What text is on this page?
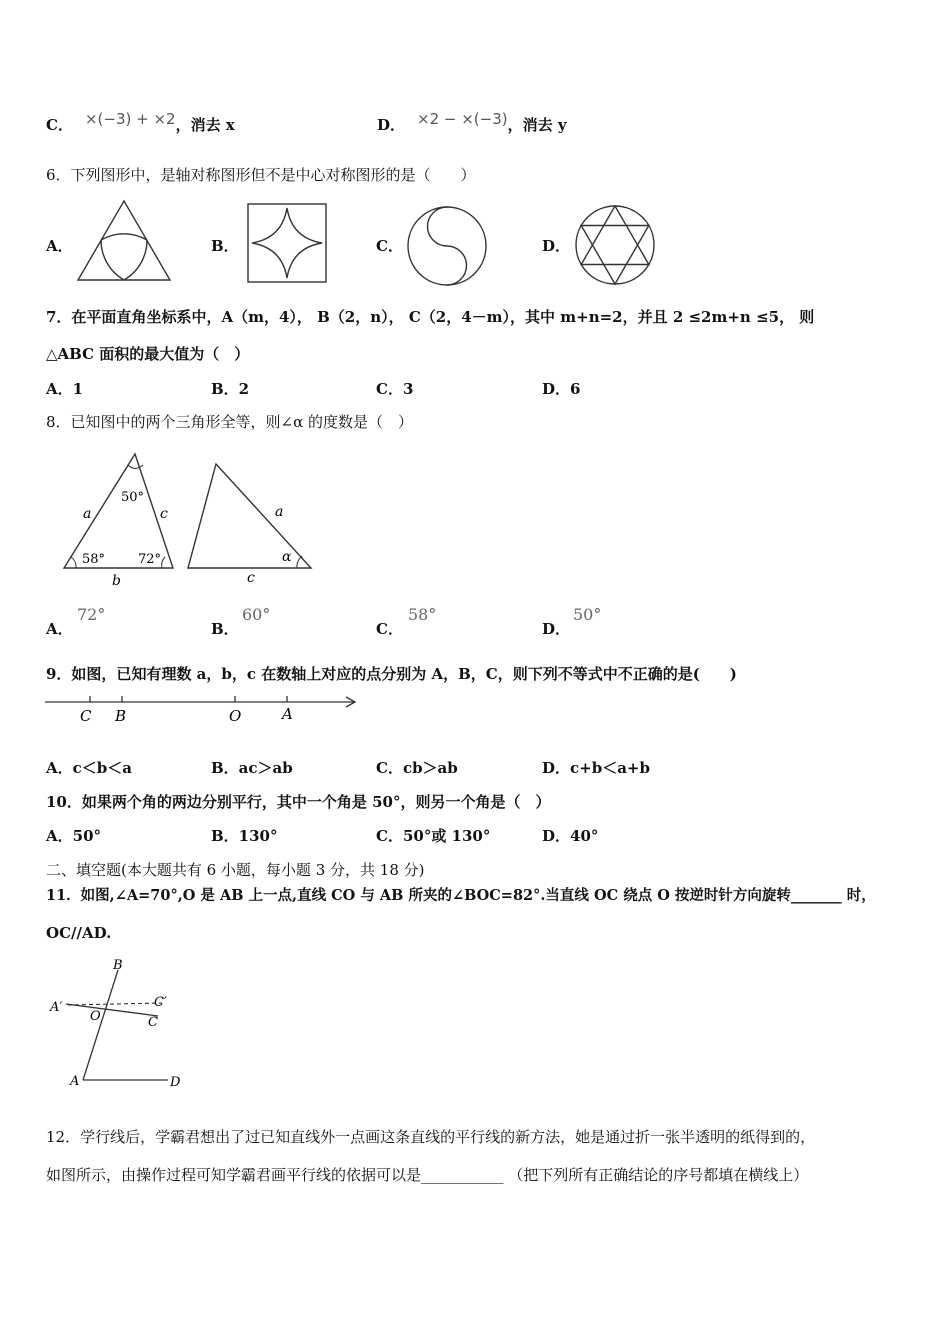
C． ×(−3) + ×2，消去 x	D． ×2 − ×(−3)，消去 y
6．下列图形中，是轴对称图形但不是中心对称图形的是（　　）
A．	B．	C．	D．
7．在平面直角坐标系中，A（m，4）， B（2，n）， C（2，4－m），其中 m+n=2，并且 2 ≤2m+n ≤5， 则
△ABC 面积的最大值为（　）
A．1	B．2	C．3	D．6
8．已知图中的两个三角形全等，则∠α 的度数是（　）
a	c
b
50°
58°	72°
a
c
α
A．
72°
B．
60°
C．
58°
D．
50°
9．如图，已知有理数 a，b，c 在数轴上对应的点分别为 A，B，C，则下列不等式中不正确的是(　　)
C B	O	A
A．c＜b＜a	B．ac＞ab	C．cb＞ab	D．c+b＜a+b
10．如果两个角的两边分别平行，其中一个角是 50°，则另一个角是（　）
A．50°	B．130°	C．50°或 130°	D．40°
二、填空题(本大题共有 6 小题，每小题 3 分，共 18 分)
11．如图,∠A=70°,O 是 AB 上一点,直线 CO 与 AB 所夹的∠BOC=82°.当直线 OC 绕点 O 按逆时针方向旋转_______ 时，
OC//AD.
B
A′	C′
O	C
A	D
12．学行线后，学霸君想出了过已知直线外一点画这条直线的平行线的新方法，她是通过折一张半透明的纸得到的，
如图所示，由操作过程可知学霸君画平行线的依据可以是___________ （把下列所有正确结论的序号都填在横线上）
